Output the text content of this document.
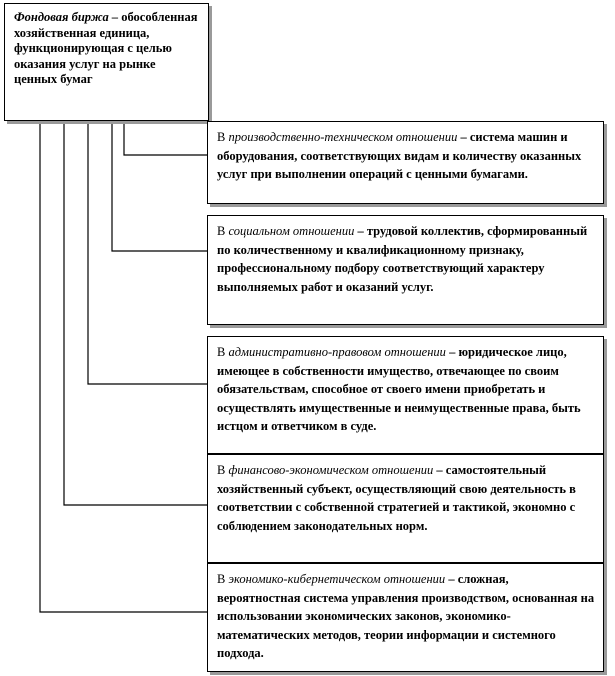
Фондовая биржа – обособленная хозяйственная единица, функционирующая с целью оказания услуг на рынке ценных бумаг
В производственно-техническом отношении – система машин и оборудования, соответствующих видам и количеству оказанных услуг при выполнении операций с ценными бумагами.
В социальном отношении – трудовой коллектив, сформированный по количественному и квалификационному признаку, профессиональному подбору соответствующий характеру выполняемых работ и оказаний услуг.
В административно-правовом отношении – юридическое лицо, имеющее в собственности имущество, отвечающее по своим обязательствам, способное от своего имени приобретать и осуществлять имущественные и неимущественные права, быть истцом и ответчиком в суде.
В финансово-экономическом отношении – самостоятельный хозяйственный субъект, осуществляющий свою деятельность в соответствии с собственной стратегией и тактикой, экономно с соблюдением законодательных норм.
В экономико-кибернетическом отношении – сложная, вероятностная система управления производством, основанная на использовании экономических законов, экономико-математических методов, теории информации и системного подхода.
